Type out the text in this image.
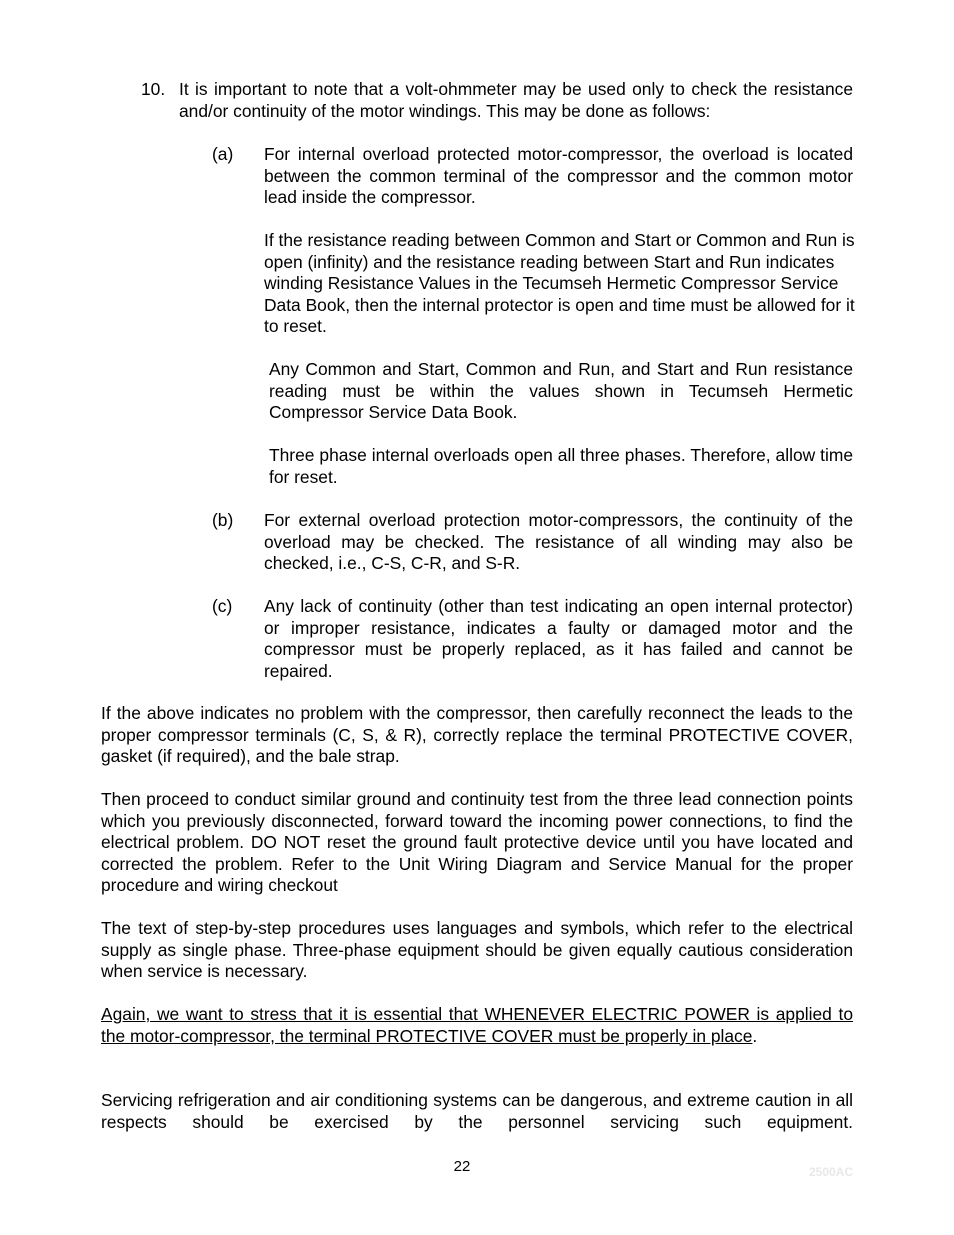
10. It is important to note that a volt-ohmmeter may be used only to check the resistance and/or continuity of the motor windings. This may be done as follows:

(a) For internal overload protected motor-compressor, the overload is located between the common terminal of the compressor and the common motor lead inside the compressor.

If the resistance reading between Common and Start or Common and Run is open (infinity) and the resistance reading between Start and Run indicates winding Resistance Values in the Tecumseh Hermetic Compressor Service Data Book, then the internal protector is open and time must be allowed for it to reset.

Any Common and Start, Common and Run, and Start and Run resistance reading must be within the values shown in Tecumseh Hermetic Compressor Service Data Book.

Three phase internal overloads open all three phases. Therefore, allow time for reset.

(b) For external overload protection motor-compressors, the continuity of the overload may be checked. The resistance of all winding may also be checked, i.e., C-S, C-R, and S-R.

(c) Any lack of continuity (other than test indicating an open internal protector) or improper resistance, indicates a faulty or damaged motor and the compressor must be properly replaced, as it has failed and cannot be repaired.

If the above indicates no problem with the compressor, then carefully reconnect the leads to the proper compressor terminals (C, S, & R), correctly replace the terminal PROTECTIVE COVER, gasket (if required), and the bale strap.

Then proceed to conduct similar ground and continuity test from the three lead connection points which you previously disconnected, forward toward the incoming power connections, to find the electrical problem. DO NOT reset the ground fault protective device until you have located and corrected the problem. Refer to the Unit Wiring Diagram and Service Manual for the proper procedure and wiring checkout

The text of step-by-step procedures uses languages and symbols, which refer to the electrical supply as single phase. Three-phase equipment should be given equally cautious consideration when service is necessary.

Again, we want to stress that it is essential that WHENEVER ELECTRIC POWER is applied to the motor-compressor, the terminal PROTECTIVE COVER must be properly in place.

Servicing refrigeration and air conditioning systems can be dangerous, and extreme caution in all respects should be exercised by the personnel servicing such equipment.

22	2500AC
